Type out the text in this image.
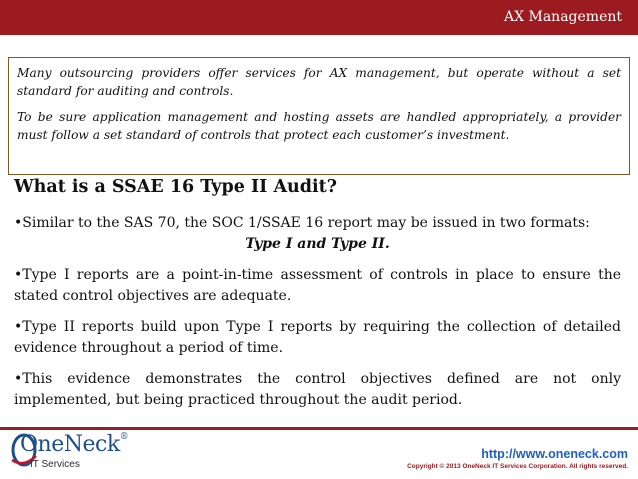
AX Management

Many outsourcing providers offer services for AX management, but operate without a set standard for auditing and controls.

To be sure application management and hosting assets are handled appropriately, a provider must follow a set standard of controls that protect each customer’s investment.

What is a SSAE 16 Type II Audit?

•Similar to the SAS 70, the SOC 1/SSAE 16 report may be issued in two formats:
Type I and Type II.

•Type I reports are a point-in-time assessment of controls in place to ensure the stated control objectives are adequate.

•Type II reports build upon Type I reports by requiring the collection of detailed evidence throughout a period of time.

•This evidence demonstrates the control objectives defined are not only implemented, but being practiced throughout the audit period.

OneNeck®
IT Services
http://www.oneneck.com
Copyright © 2013 OneNeck IT Services Corporation. All rights reserved.
